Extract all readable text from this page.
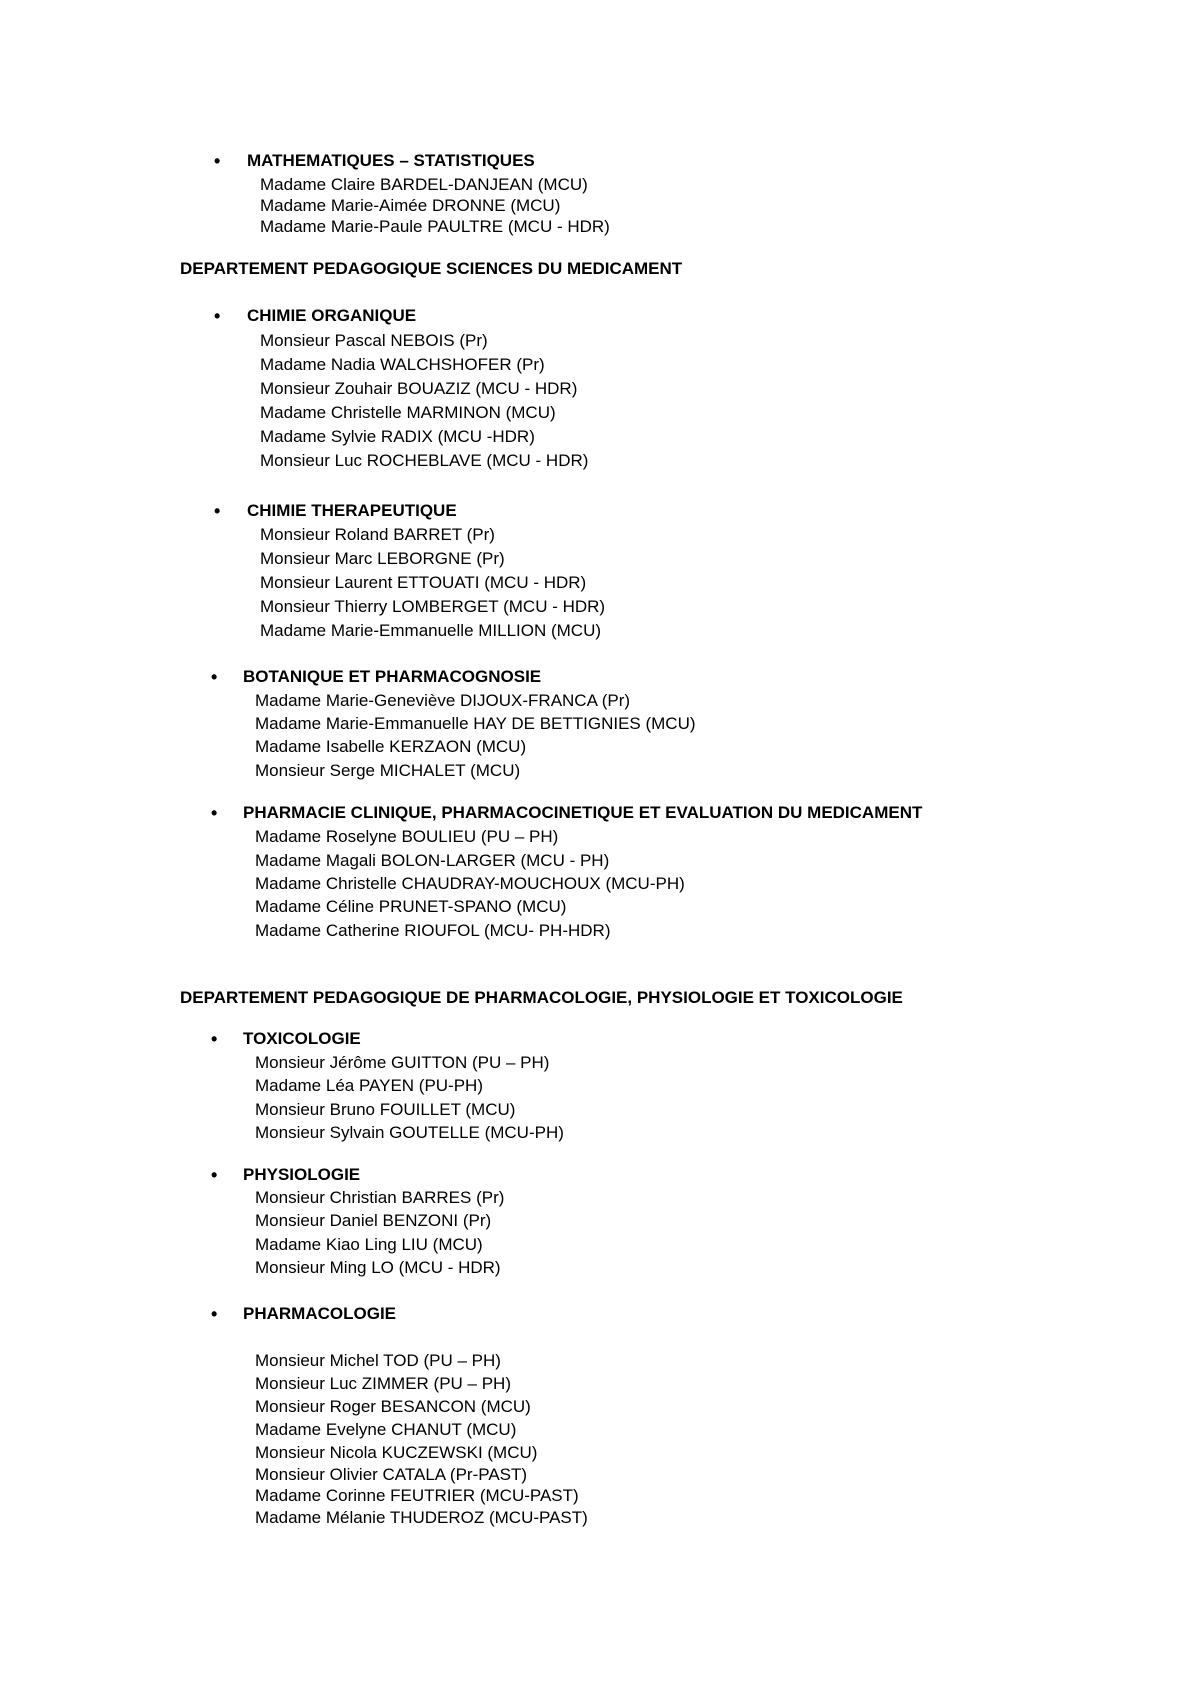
• MATHEMATIQUES – STATISTIQUES
Madame Claire BARDEL-DANJEAN (MCU)
Madame Marie-Aimée DRONNE (MCU)
Madame Marie-Paule PAULTRE (MCU - HDR)
DEPARTEMENT PEDAGOGIQUE SCIENCES DU MEDICAMENT
• CHIMIE ORGANIQUE
Monsieur Pascal NEBOIS (Pr)
Madame Nadia WALCHSHOFER (Pr)
Monsieur Zouhair BOUAZIZ (MCU - HDR)
Madame Christelle MARMINON (MCU)
Madame Sylvie RADIX (MCU -HDR)
Monsieur Luc ROCHEBLAVE (MCU - HDR)
• CHIMIE THERAPEUTIQUE
Monsieur Roland BARRET (Pr)
Monsieur Marc LEBORGNE (Pr)
Monsieur Laurent ETTOUATI (MCU - HDR)
Monsieur Thierry LOMBERGET (MCU - HDR)
Madame Marie-Emmanuelle MILLION (MCU)
• BOTANIQUE ET PHARMACOGNOSIE
Madame Marie-Geneviève DIJOUX-FRANCA (Pr)
Madame Marie-Emmanuelle HAY DE BETTIGNIES (MCU)
Madame Isabelle KERZAON (MCU)
Monsieur Serge MICHALET (MCU)
• PHARMACIE CLINIQUE, PHARMACOCINETIQUE ET EVALUATION DU MEDICAMENT
Madame Roselyne BOULIEU (PU – PH)
Madame Magali BOLON-LARGER (MCU - PH)
Madame Christelle CHAUDRAY-MOUCHOUX (MCU-PH)
Madame Céline PRUNET-SPANO (MCU)
Madame Catherine RIOUFOL (MCU- PH-HDR)
DEPARTEMENT PEDAGOGIQUE DE PHARMACOLOGIE, PHYSIOLOGIE ET TOXICOLOGIE
• TOXICOLOGIE
Monsieur Jérôme GUITTON (PU – PH)
Madame Léa PAYEN (PU-PH)
Monsieur Bruno FOUILLET (MCU)
Monsieur Sylvain GOUTELLE (MCU-PH)
• PHYSIOLOGIE
Monsieur Christian BARRES (Pr)
Monsieur Daniel BENZONI (Pr)
Madame Kiao Ling LIU (MCU)
Monsieur Ming LO (MCU - HDR)
• PHARMACOLOGIE
Monsieur Michel TOD (PU – PH)
Monsieur Luc ZIMMER (PU – PH)
Monsieur Roger BESANCON (MCU)
Madame Evelyne CHANUT (MCU)
Monsieur Nicola KUCZEWSKI (MCU)
Monsieur Olivier CATALA (Pr-PAST)
Madame Corinne FEUTRIER (MCU-PAST)
Madame Mélanie THUDEROZ (MCU-PAST)
